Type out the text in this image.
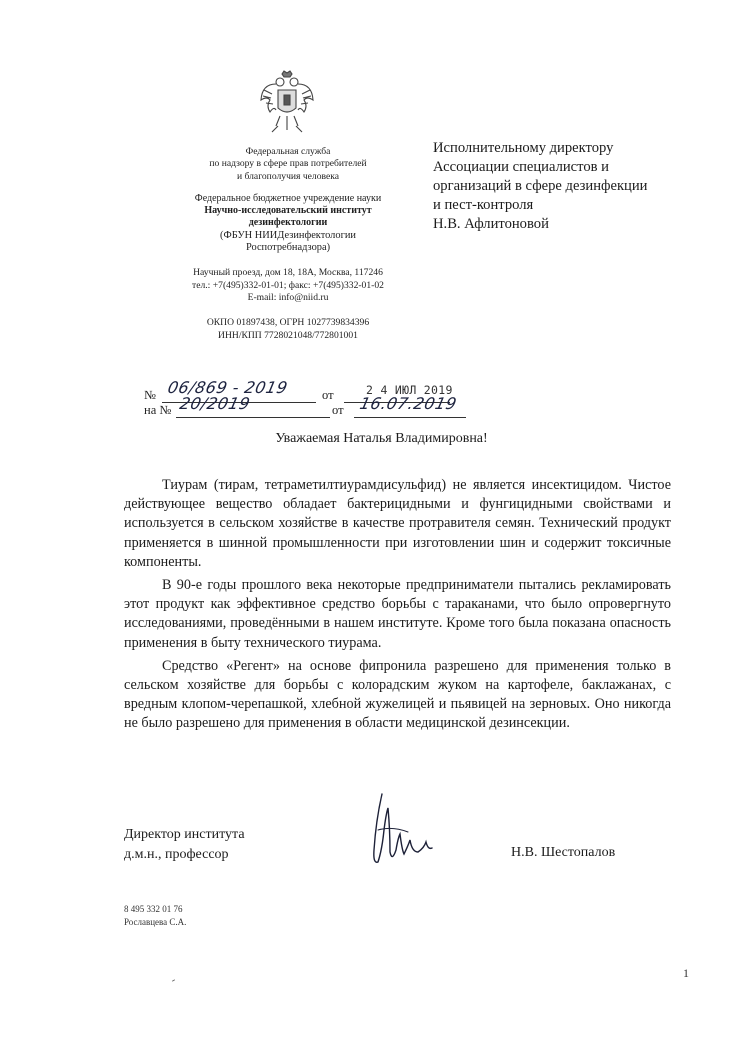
Федеральная служба
по надзору в сфере прав потребителей
и благополучия человека
Федеральное бюджетное учреждение науки
Научно-исследовательский институт
дезинфектологии
(ФБУН НИИДезинфектологии
Роспотребнадзора)
Научный проезд, дом 18, 18А, Москва, 117246
тел.: +7(495)332-01-01; факс: +7(495)332-01-02
E-mail: info@niid.ru
ОКПО 01897438, ОГРН 1027739834396
ИНН/КПП 7728021048/772801001
Исполнительному директору
Ассоциации специалистов и
организаций в сфере дезинфекции
и пест-контроля
Н.В. Афлитоновой
№	от
06/869 - 2019	2 4 ИЮЛ 2019
на №	от
20/2019	16.07.2019
Уважаемая Наталья Владимировна!

Тиурам (тирам, тетраметилтиурамдисульфид) не является инсектицидом. Чистое действующее вещество обладает бактерицидными и фунгицидными свойствами и используется в сельском хозяйстве в качестве протравителя семян. Технический продукт применяется в шинной промышленности при изготовлении шин и содержит токсичные компоненты.

В 90-е годы прошлого века некоторые предприниматели пытались рекламировать этот продукт как эффективное средство борьбы с тараканами, что было опровергнуто исследованиями, проведёнными в нашем институте. Кроме того была показана опасность применения в быту технического тиурама.

Средство «Регент» на основе фипронила разрешено для применения только в сельском хозяйстве для борьбы с колорадским жуком на картофеле, баклажанах, с вредным клопом-черепашкой, хлебной жужелицей и пьявицей на зерновых. Оно никогда не было разрешено для применения в области медицинской дезинсекции.

Директор института
д.м.н., профессор	Н.В. Шестопалов
8 495 332 01 76
Рославцева С.А.
1
